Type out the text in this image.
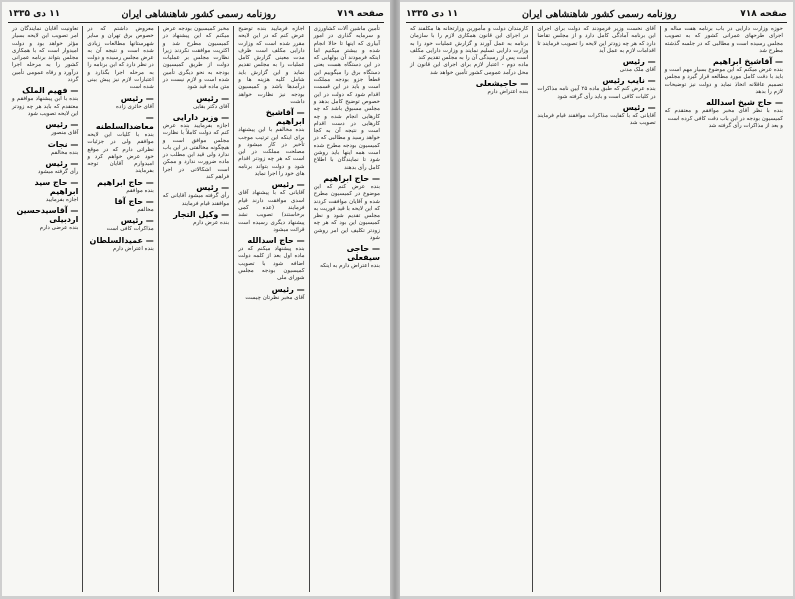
صفحه ۷۱۹
روزنامه رسمی کشور شاهنشاهی ایران
۱۱ دی ۱۳۳۵

تأمین ماشین آلات کشاورزی و سرمایه گذاری در امور آبیاری که اینها تا حالا انجام شده و بیشتر میکنیم اما اینکه فرمودند آن بولهایی که در این دستگاه هست یعنی دستگاه برق را میگوییم این قطعاً جزو بودجه مملکت است و باید در این قسمت اقدام شود که دولت در این خصوص توضیح کامل بدهد و مجلس مسبوق باشد که چه کارهایی انجام شده و چه کارهایی در دست اقدام است و نتیجه آن به کجا خواهد رسید و مطالبی که در کمیسیون بودجه مطرح شده است همه اینها باید روشن شود تا نمایندگان با اطلاع کامل رأی بدهند

— حاج ابراهیم

بنده عرض کنم که این موضوع در کمیسیون مطرح شده و آقایان موافقت کردند که این لایحه با قید فوریت به مجلس تقدیم شود و نظر کمیسیون این بود که هر چه زودتر تکلیف این امر روشن شود

— حاجی سیفعلی

بنده اعتراض دارم به اینکه

اجازه فرمایید بنده توضیح عرض کنم که در این لایحه مقرر شده است که وزارت دارایی مکلف است ظرف مدت معینی گزارش کامل عملیات را به مجلس تقدیم نماید و این گزارش باید شامل کلیه هزینه ها و درآمدها باشد و کمیسیون بودجه نیز نظارت خواهد داشت

— آقاشیخ ابراهیم

بنده مخالفم با این پیشنهاد برای اینکه این ترتیب موجب تأخیر در کار میشود و مصلحت مملکت در این است که هر چه زودتر اقدام شود و دولت بتواند برنامه های خود را اجرا نماید

— رئیس

آقایانی که با پیشنهاد آقای اسدی موافقت دارند قیام فرمایند (عده کمی برخاستند) تصویب نشد پیشنهاد دیگری رسیده است قرائت میشود

— حاج اسدالله

بنده پیشنهاد میکنم که در ماده اول بعد از کلمه دولت اضافه شود با تصویب کمیسیون بودجه مجلس شورای ملی

— رئیس

آقای مخبر نظرتان چیست

مخبر کمیسیون بودجه عرض میکنم که این پیشنهاد در کمیسیون مطرح شد و اکثریت موافقت نکردند زیرا نظارت مجلس بر عملیات دولت از طریق کمیسیون بودجه به نحو دیگری تأمین شده است و لازم نیست در متن ماده قید شود

— رئیس

آقای دکتر بقایی

— وزیر دارایی

اجازه بفرمایید بنده عرض کنم که دولت کاملاً با نظارت مجلس موافق است و هیچگونه مخالفتی در این باب ندارد ولی قید این مطلب در ماده ضرورت ندارد و ممکن است اشکالاتی در اجرا فراهم کند

— رئیس

رأی گرفته میشود آقایانی که موافقند قیام فرمایند

— وکیل التجار

بنده عرض دارم

معروض داشتم که در خصوص برق تهران و سایر شهرستانها مطالعات زیادی شده است و نتیجه آن به عرض مجلس رسیده و دولت در نظر دارد که این برنامه را به مرحله اجرا بگذارد و اعتبارات لازم نیز پیش بینی شده است

— رئیس

آقای حائری زاده

— معاضدالسلطنه

بنده با کلیات این لایحه موافقم ولی در جزئیات نظراتی دارم که در موقع خود عرض خواهم کرد و امیدوارم آقایان توجه بفرمایند

— حاج ابراهیم

بنده موافقم

— حاج آقا

مخالفم

— رئیس

مذاکرات کافی است

— عمیدالسلطان

بنده اعتراض دارم

تعاونیت آقایان نمایندگان در امر تصویب این لایحه بسیار مؤثر خواهد بود و دولت امیدوار است که با همکاری مجلس بتواند برنامه عمرانی کشور را به مرحله اجرا درآورد و رفاه عمومی تأمین گردد

— فهیم الملک

بنده با این پیشنهاد موافقم و معتقدم که باید هر چه زودتر این لایحه تصویب شود

— رئیس

آقای منصور

— نجات

بنده مخالفم

— رئیس

رأی گرفته میشود

— حاج سید ابراهیم

اجازه بفرمایید

— آقاسیدحسین اردبیلی

بنده عرضی دارم

صفحه ۷۱۸
روزنامه رسمی کشور شاهنشاهی ایران
۱۱ دی ۱۳۳۵

حوزه وزارت دارایی در باب برنامه هفت ساله و اجرای طرحهای عمرانی کشور که به تصویب مجلس رسیده است و مطالبی که در جلسه گذشته مطرح شد

— آقاشیخ ابراهیم

بنده عرض میکنم که این موضوع بسیار مهم است و باید با دقت کامل مورد مطالعه قرار گیرد و مجلس تصمیم عاقلانه اتخاذ نماید و دولت نیز توضیحات لازم را بدهد

— حاج شیخ اسدالله

بنده با نظر آقای مخبر موافقم و معتقدم که کمیسیون بودجه در این باب دقت کافی کرده است

و بعد از مذاکرات رأی گرفته شد

آقای نخست وزیر فرمودند که دولت برای اجرای این برنامه آمادگی کامل دارد و از مجلس تقاضا دارد که هر چه زودتر این لایحه را تصویب فرمایند تا اقدامات لازم به عمل آید

— رئیس

آقای ملک مدنی

— نایب رئیس

بنده عرض کنم که طبق ماده ۲۵ آیین نامه مذاکرات در کلیات کافی است و باید رأی گرفته شود

— رئیس

آقایانی که با کفایت مذاکرات موافقند قیام فرمایند تصویب شد

کارمندان دولت و مأمورین وزارتخانه ها مکلفند که در اجرای این قانون همکاری لازم را با سازمان برنامه به عمل آورند و گزارش عملیات خود را به وزارت دارایی تسلیم نمایند و وزارت دارایی مکلف است پس از رسیدگی آن را به مجلس تقدیم کند

ماده دوم - اعتبار لازم برای اجرای این قانون از محل درآمد عمومی کشور تأمین خواهد شد

— حاجیشعلی

بنده اعتراض دارم
